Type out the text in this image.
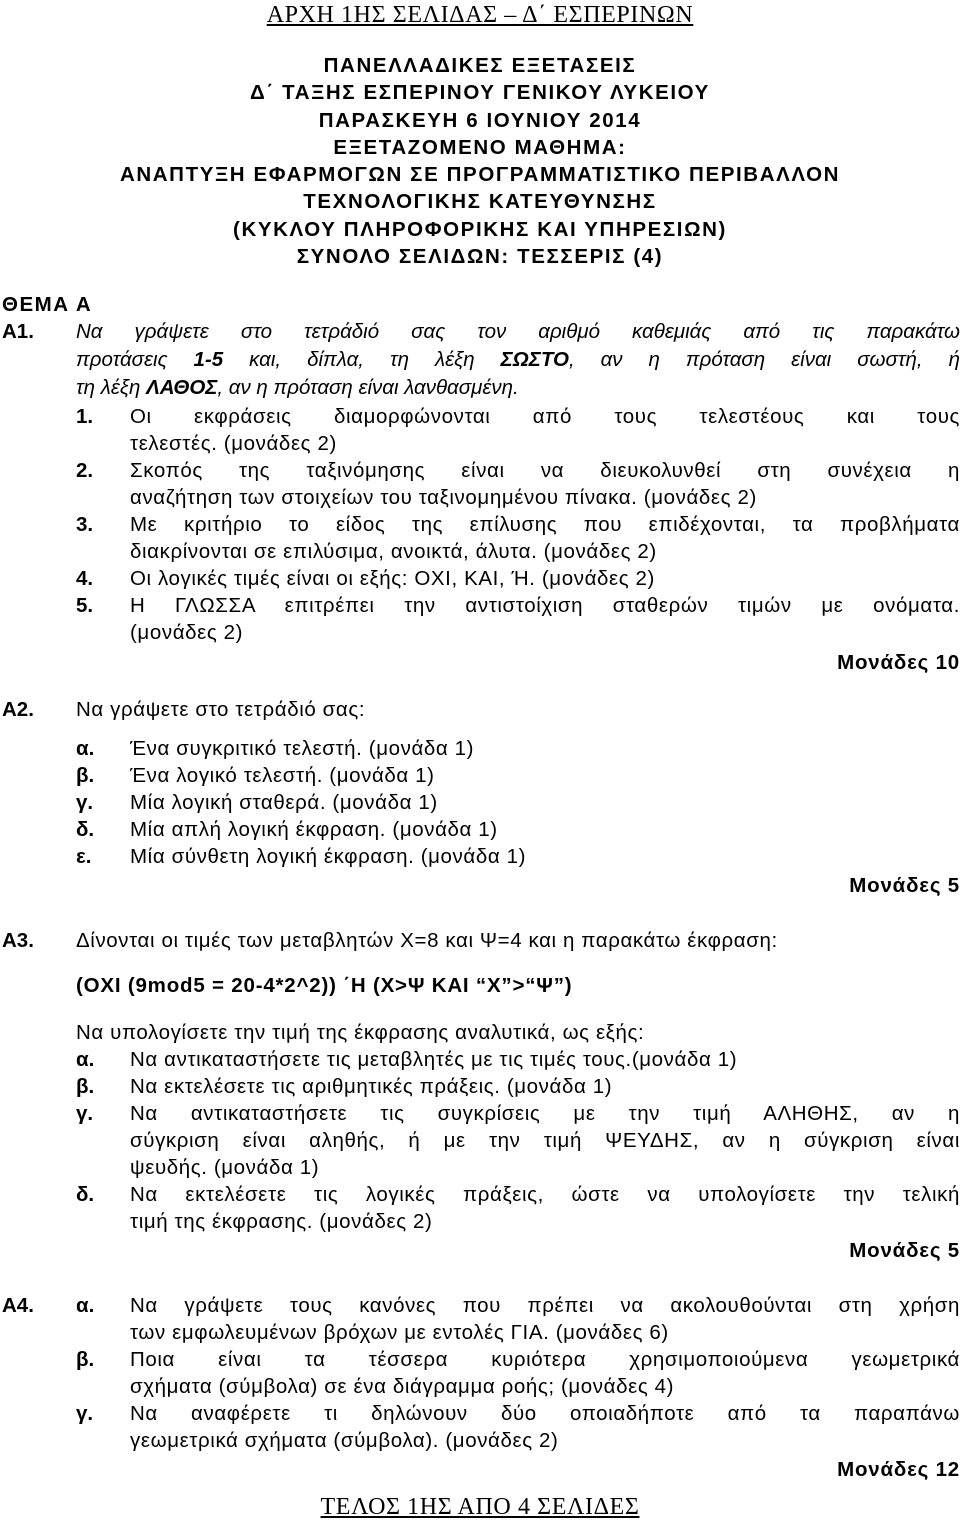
ΑΡΧΗ 1ΗΣ ΣΕΛΙΔΑΣ – Δ΄ ΕΣΠΕΡΙΝΩΝ
ΠΑΝΕΛΛΑΔΙΚΕΣ ΕΞΕΤΑΣΕΙΣ
Δ΄ ΤΑΞΗΣ ΕΣΠΕΡΙΝΟΥ ΓΕΝΙΚΟΥ ΛΥΚΕΙΟΥ
ΠΑΡΑΣΚΕΥΗ 6 ΙΟΥΝΙΟΥ 2014
ΕΞΕΤΑΖΟΜΕΝΟ ΜΑΘΗΜΑ:
ΑΝΑΠΤΥΞΗ ΕΦΑΡΜΟΓΩΝ ΣΕ ΠΡΟΓΡΑΜΜΑΤΙΣΤΙΚΟ ΠΕΡΙΒΑΛΛΟΝ
ΤΕΧΝΟΛΟΓΙΚΗΣ ΚΑΤΕΥΘΥΝΣΗΣ
(ΚΥΚΛΟΥ ΠΛΗΡΟΦΟΡΙΚΗΣ ΚΑΙ ΥΠΗΡΕΣΙΩΝ)
ΣΥΝΟΛΟ ΣΕΛΙΔΩΝ: ΤΕΣΣΕΡΙΣ (4)
ΘΕΜΑ Α
Α1. Να γράψετε στο τετράδιό σας τον αριθμό καθεμιάς από τις παρακάτω
προτάσεις 1-5 και, δίπλα, τη λέξη ΣΩΣΤΟ, αν η πρόταση είναι σωστή, ή
τη λέξη ΛΑΘΟΣ, αν η πρόταση είναι λανθασμένη.
1. Οι εκφράσεις διαμορφώνονται από τους τελεστέους και τους
τελεστές. (μονάδες 2)
2. Σκοπός της ταξινόμησης είναι να διευκολυνθεί στη συνέχεια η
αναζήτηση των στοιχείων του ταξινομημένου πίνακα. (μονάδες 2)
3. Με κριτήριο το είδος της επίλυσης που επιδέχονται, τα προβλήματα
διακρίνονται σε επιλύσιμα, ανοικτά, άλυτα. (μονάδες 2)
4. Οι λογικές τιμές είναι οι εξής: ΟΧΙ, ΚΑΙ, Ή. (μονάδες 2)
5. Η ΓΛΩΣΣΑ επιτρέπει την αντιστοίχιση σταθερών τιμών με ονόματα.
(μονάδες 2)
Μονάδες 10
Α2. Να γράψετε στο τετράδιό σας:
α. Ένα συγκριτικό τελεστή. (μονάδα 1)
β. Ένα λογικό τελεστή. (μονάδα 1)
γ. Μία λογική σταθερά. (μονάδα 1)
δ. Μία απλή λογική έκφραση. (μονάδα 1)
ε. Μία σύνθετη λογική έκφραση. (μονάδα 1)
Μονάδες 5
Α3. Δίνονται οι τιμές των μεταβλητών Χ=8 και Ψ=4 και η παρακάτω έκφραση:
(ΟΧΙ (9mod5 = 20-4*2^2)) ΄Η (Χ>Ψ ΚΑΙ “Χ”>“Ψ”)
Να υπολογίσετε την τιμή της έκφρασης αναλυτικά, ως εξής:
α. Να αντικαταστήσετε τις μεταβλητές με τις τιμές τους.(μονάδα 1)
β. Να εκτελέσετε τις αριθμητικές πράξεις. (μονάδα 1)
γ. Να αντικαταστήσετε τις συγκρίσεις με την τιμή ΑΛΗΘΗΣ, αν η
σύγκριση είναι αληθής, ή με την τιμή ΨΕΥΔΗΣ, αν η σύγκριση είναι
ψευδής. (μονάδα 1)
δ. Να εκτελέσετε τις λογικές πράξεις, ώστε να υπολογίσετε την τελική
τιμή της έκφρασης. (μονάδες 2)
Μονάδες 5
Α4. α. Να γράψετε τους κανόνες που πρέπει να ακολουθούνται στη χρήση
των εμφωλευμένων βρόχων με εντολές ΓΙΑ. (μονάδες 6)
β. Ποια είναι τα τέσσερα κυριότερα χρησιμοποιούμενα γεωμετρικά
σχήματα (σύμβολα) σε ένα διάγραμμα ροής; (μονάδες 4)
γ. Να αναφέρετε τι δηλώνουν δύο οποιαδήποτε από τα παραπάνω
γεωμετρικά σχήματα (σύμβολα). (μονάδες 2)
Μονάδες 12
ΤΕΛΟΣ 1ΗΣ ΑΠΟ 4 ΣΕΛΙΔΕΣ
